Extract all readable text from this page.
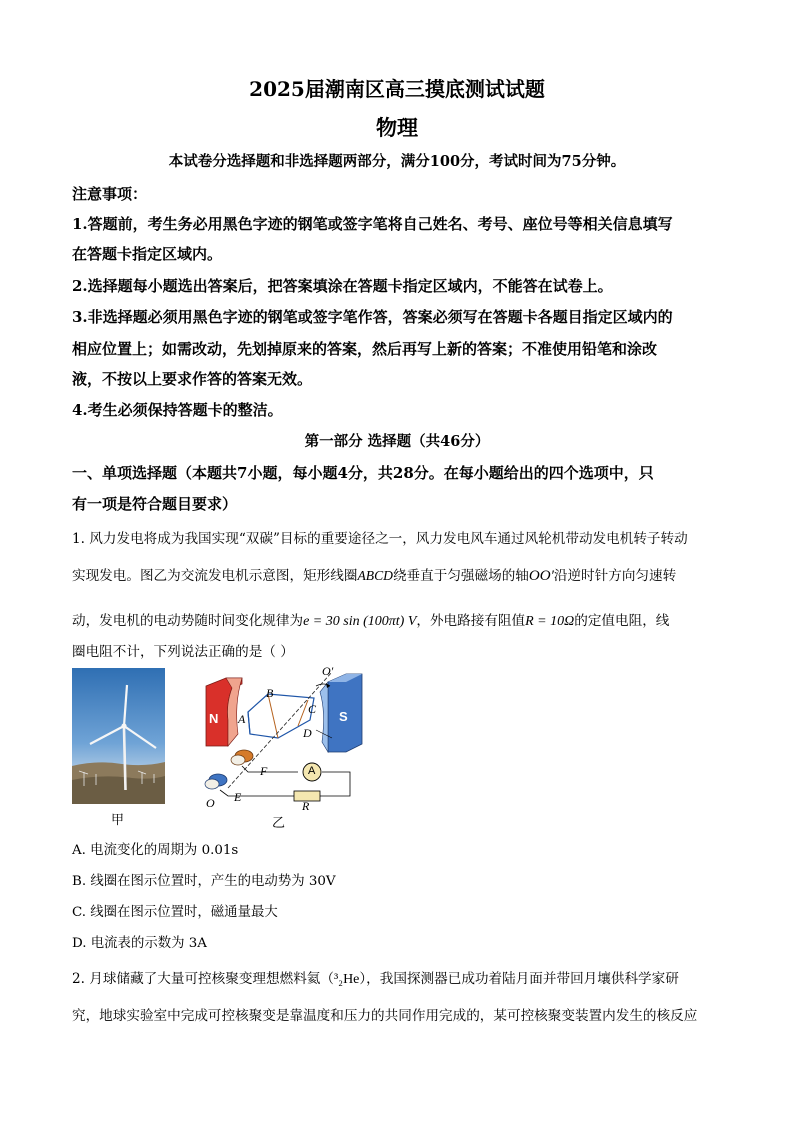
2025届潮南区高三摸底测试试题
物理
本试卷分选择题和非选择题两部分，满分100分，考试时间为75分钟。
注意事项：
1.答题前，考生务必用黑色字迹的钢笔或签字笔将自己姓名、考号、座位号等相关信息填写
在答题卡指定区域内。
2.选择题每小题选出答案后，把答案填涂在答题卡指定区域内，不能答在试卷上。
3.非选择题必须用黑色字迹的钢笔或签字笔作答，答案必须写在答题卡各题目指定区域内的
相应位置上；如需改动，先划掉原来的答案，然后再写上新的答案；不准使用铅笔和涂改
液，不按以上要求作答的答案无效。
4.考生必须保持答题卡的整洁。
第一部分 选择题（共46分）
一、单项选择题（本题共7小题，每小题4分，共28分。在每小题给出的四个选项中，只
有一项是符合题目要求）
1. 风力发电将成为我国实现“双碳”目标的重要途径之一，风力发电风车通过风轮机带动发电机转子转动
实现发电。图乙为交流发电机示意图，矩形线圈ABCD绕垂直于匀强磁场的轴OO′沿逆时针方向匀速转
动，发电机的电动势随时间变化规律为e = 30 sin (100πt) V，外电路接有阻值R = 10Ω的定值电阻，线
圈电阻不计，下列说法正确的是（ ）
甲
N	S
A
B
C
D
O′
O
F
E
A
R
乙
A. 电流变化的周期为 0.01s
B. 线圈在图示位置时，产生的电动势为 30V
C. 线圈在图示位置时，磁通量最大
D. 电流表的示数为 3A
2. 月球储藏了大量可控核聚变理想燃料氦（³₂He），我国探测器已成功着陆月面并带回月壤供科学家研
究，地球实验室中完成可控核聚变是靠温度和压力的共同作用完成的，某可控核聚变装置内发生的核反应
